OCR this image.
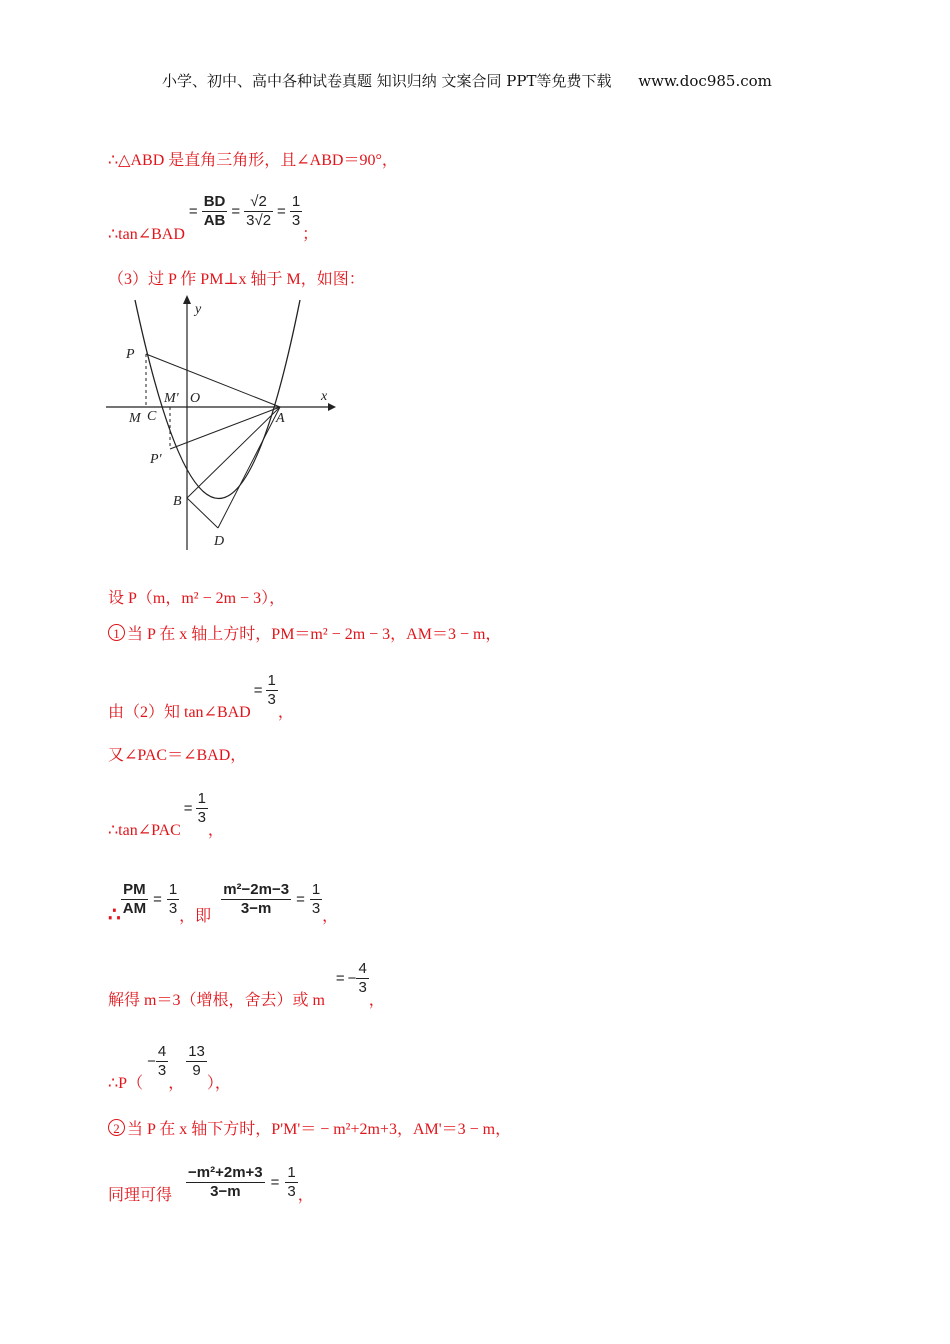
小学、初中、高中各种试卷真题 知识归纳 文案合同 PPT等免费下载 www.doc985.com
∴△ABD 是直角三角形，且∠ABD＝90°，
∴tan∠BAD
= $\frac{BD}{AB} = \frac{√2}{3√2} = \frac{1}{3}$
；
（3）过 P 作 PM⊥x 轴于 M，如图：
y
x
O
P
M C
M'
P'
A
B
D
设 P（m，m² − 2m − 3），
1 当 P 在 x 轴上方时，PM＝m² − 2m − 3，AM＝3 − m，
由（2）知 tan∠BAD
= $\frac{1}{3}$
，
又∠PAC＝∠BAD，
∴tan∠PAC
= $\frac{1}{3}$
，
∴ $\frac{PM}{AM} = \frac{1}{3}$ ，即 $\frac{\text{m²−2m−3}}{3-m} = \frac{1}{3}$ ，
解得 m＝3（增根，舍去）或 m
= − $\frac{4}{3}$
，
∴P（
− $\frac{4}{3}$
，
$\frac{13}{9}$
），
2 当 P 在 x 轴下方时，P'M'＝ − m²+2m+3，AM'＝3 − m，
同理可得 $\frac{\text{−m²+2m+3}}{3-m} = \frac{1}{3}$ ，
